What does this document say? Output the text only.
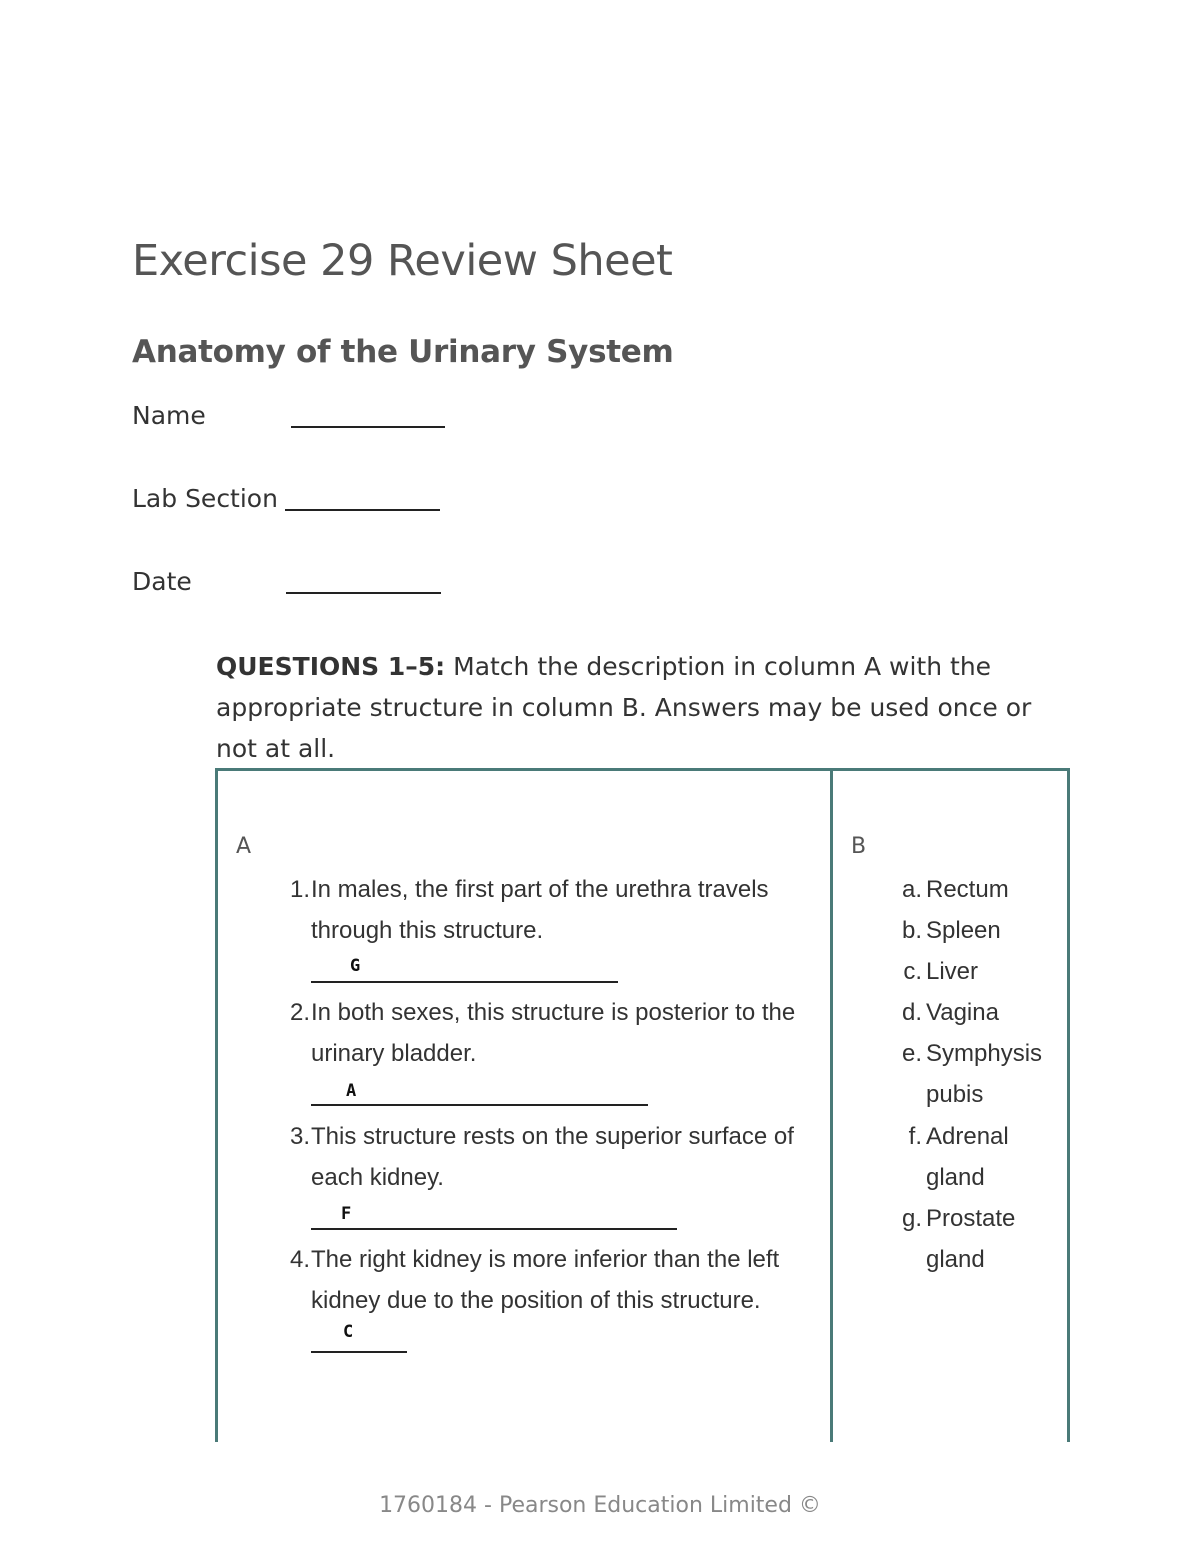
Exercise 29 Review Sheet
Anatomy of the Urinary System
Name
Lab Section
Date

QUESTIONS 1–5: Match the description in column A with the appropriate structure in column B. Answers may be used once or not at all.

A	B
1. In males, the first part of the urethra travels through this structure.
G
2. In both sexes, this structure is posterior to the urinary bladder.
A
3. This structure rests on the superior surface of each kidney.
F
4. The right kidney is more inferior than the left kidney due to the position of this structure.
C
a. Rectum
b. Spleen
c. Liver
d. Vagina
e. Symphysis pubis
f. Adrenal gland
g. Prostate gland
1760184 - Pearson Education Limited ©
